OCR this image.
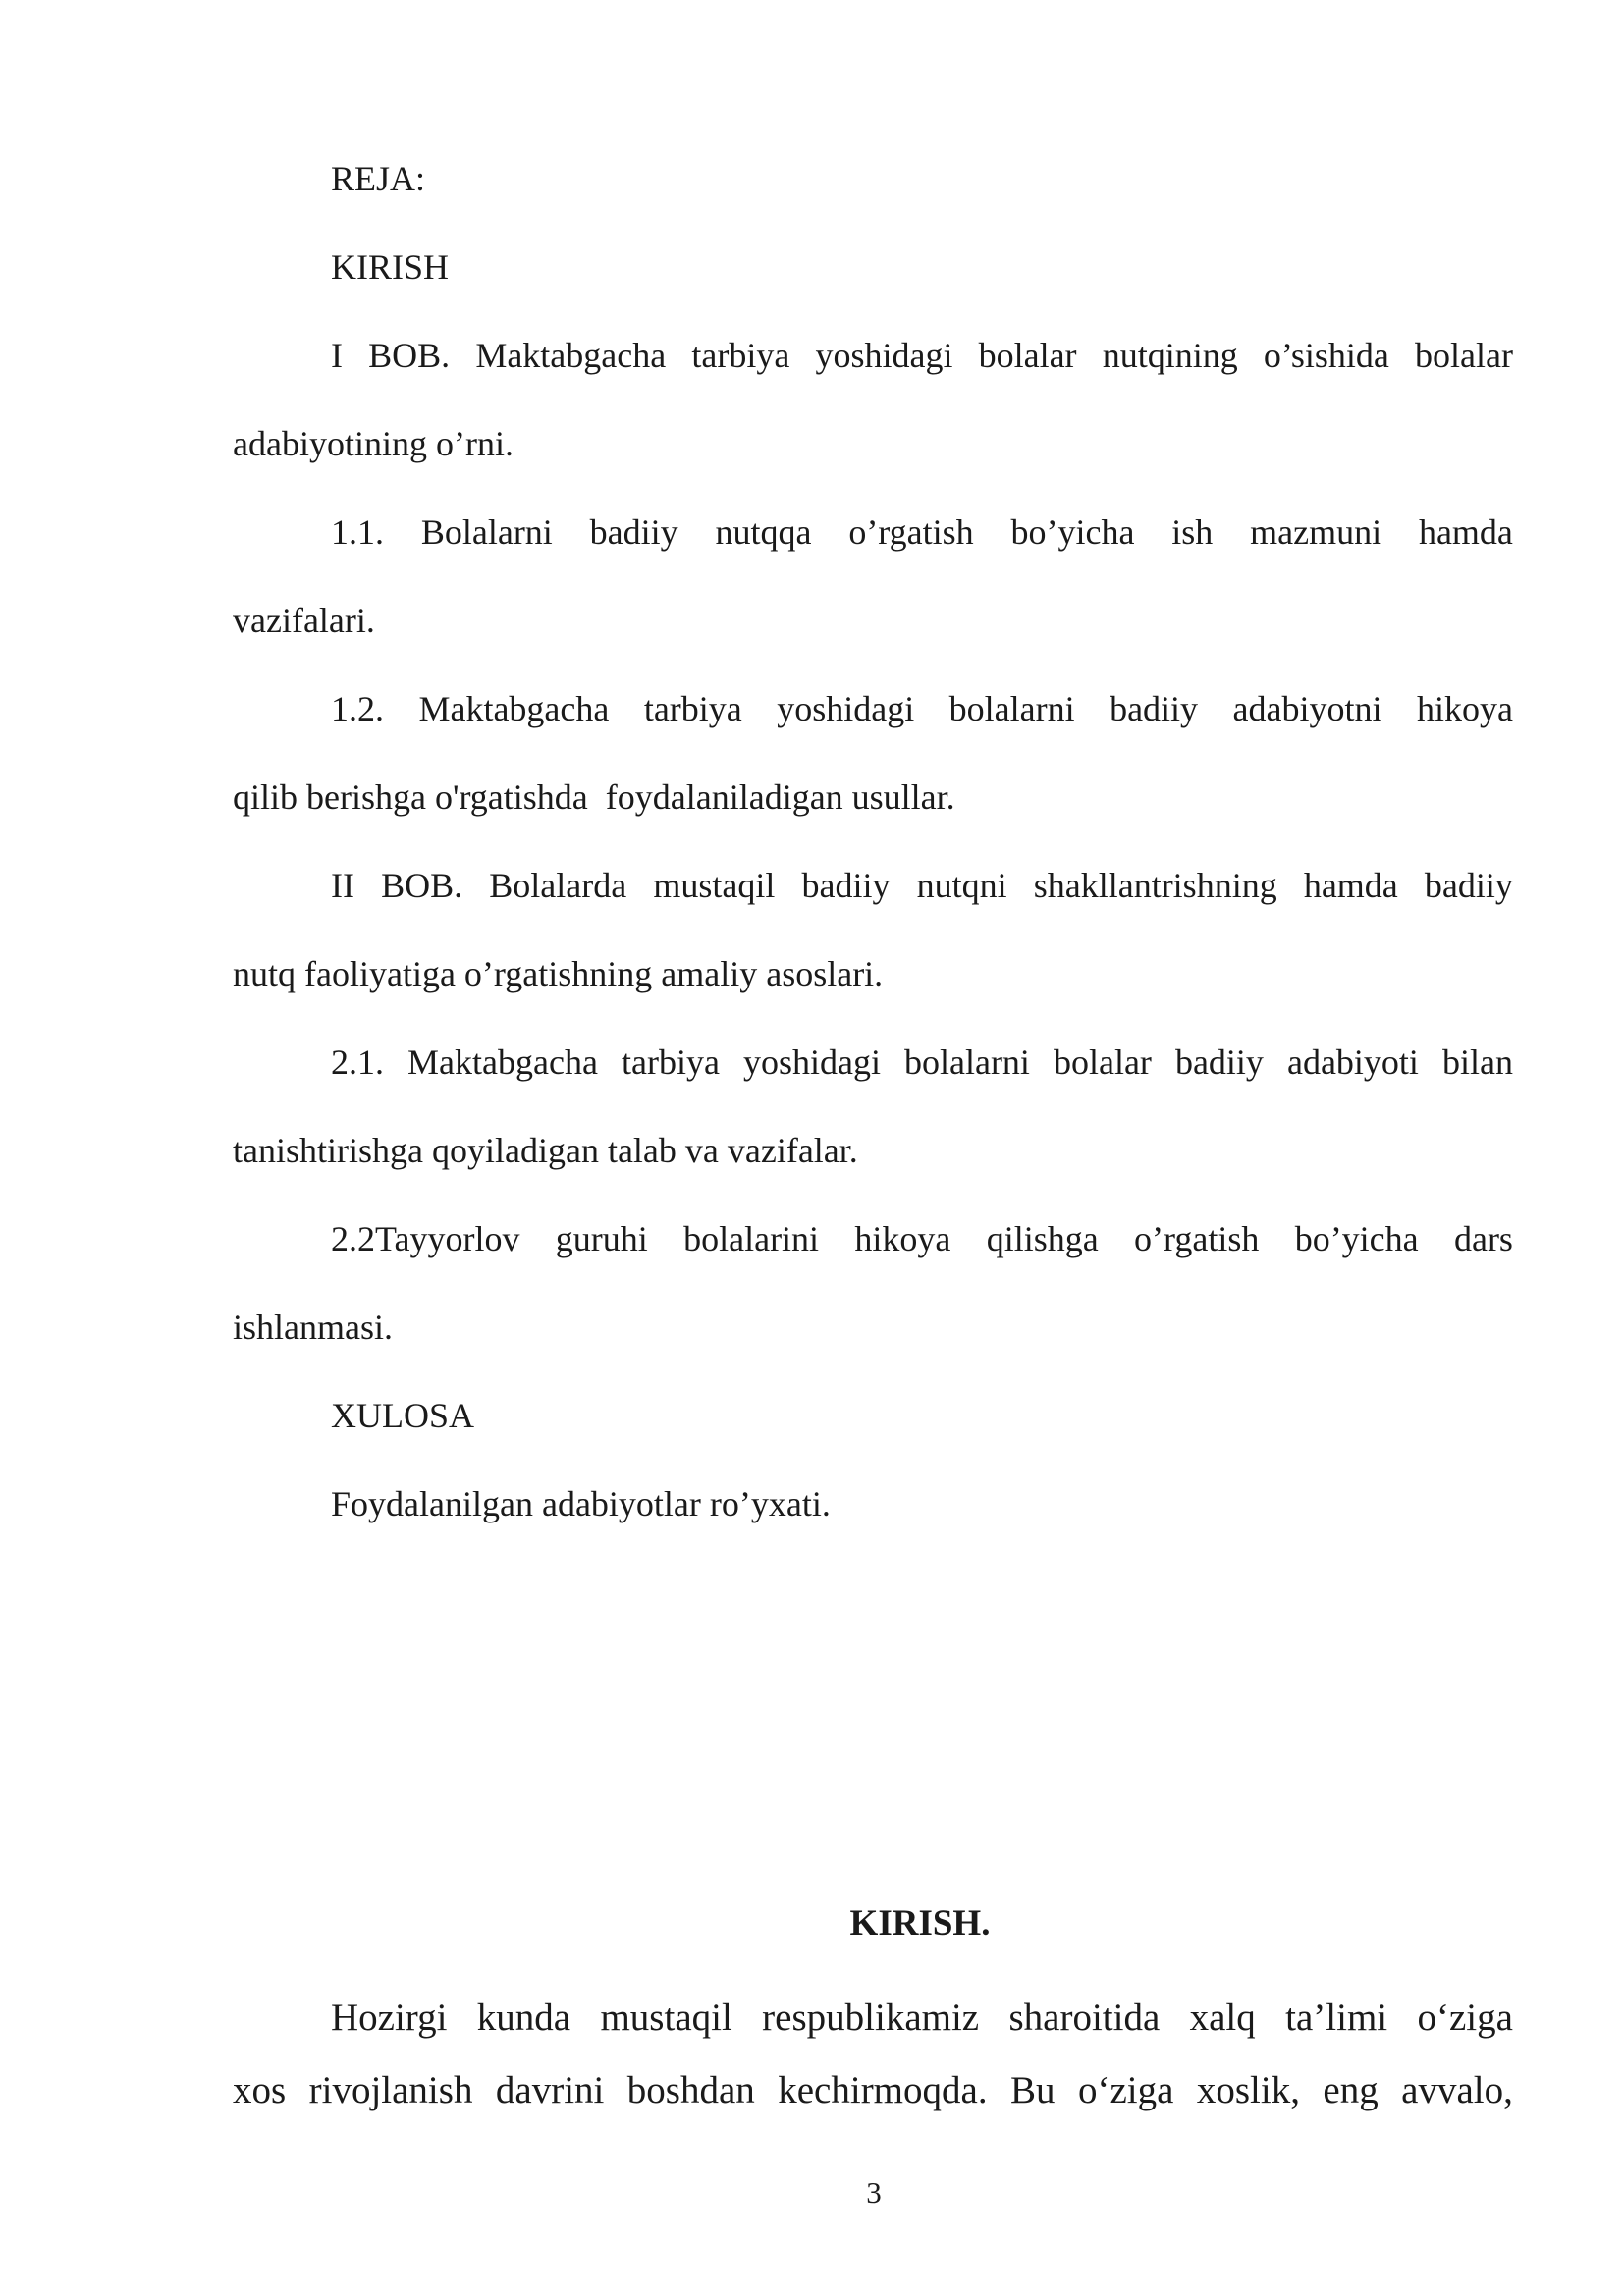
REJA:
KIRISH
I BOB. Maktabgacha tarbiya yoshidagi bolalar nutqining o’sishida bolalar
adabiyotining o’rni.
1.1. Bolalarni badiiy nutqqa o’rgatish bo’yicha ish mazmuni hamda
vazifalari.
1.2. Maktabgacha tarbiya yoshidagi bolalarni badiiy adabiyotni hikoya
qilib berishga o'rgatishda  foydalaniladigan usullar.
II BOB. Bolalarda mustaqil badiiy nutqni shakllantrishning hamda badiiy
nutq faoliyatiga o’rgatishning amaliy asoslari.
2.1. Maktabgacha tarbiya yoshidagi bolalarni bolalar badiiy adabiyoti bilan
tanishtirishga qoyiladigan talab va vazifalar.
2.2Tayyorlov guruhi bolalarini hikoya qilishga o’rgatish bo’yicha dars
ishlanmasi.
XULOSA
Foydalanilgan adabiyotlar ro’yxati.
KIRISH.
Hozirgi kunda mustaqil respublikamiz sharoitida xalq ta’limi o‘ziga
xos rivojlanish davrini boshdan kechirmoqda. Bu o‘ziga xoslik, eng avvalo,
3
